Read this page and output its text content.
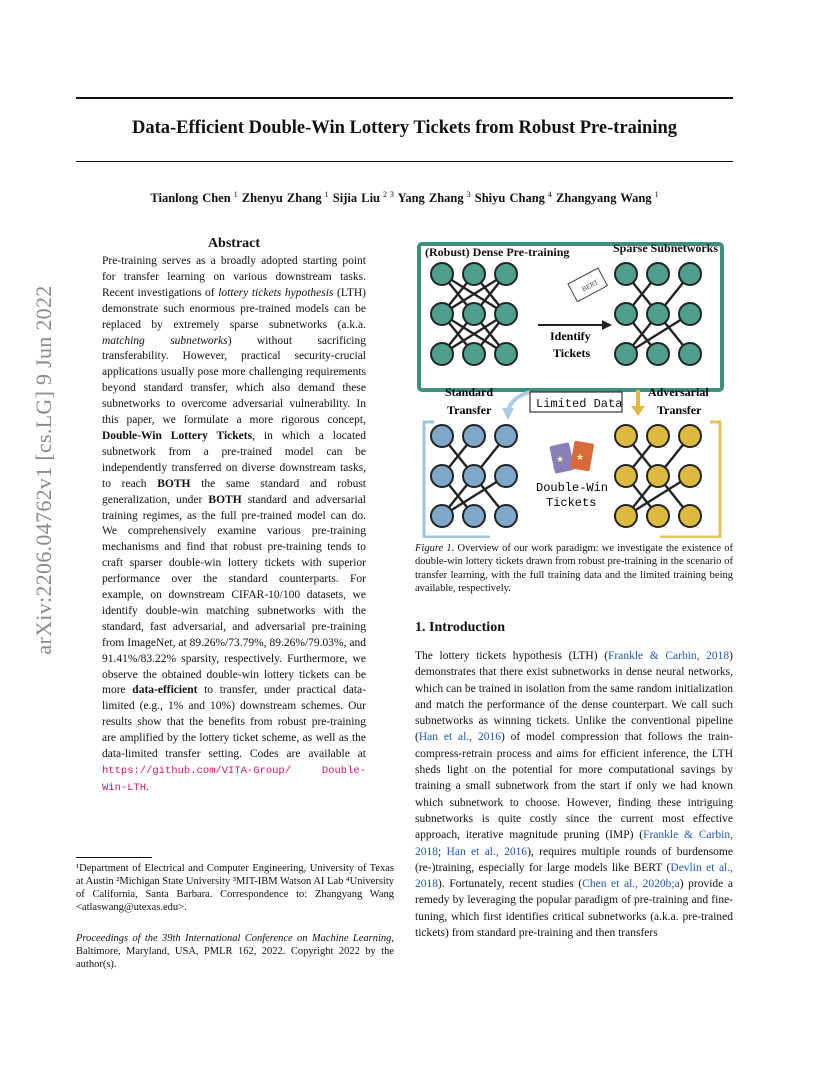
Data-Efficient Double-Win Lottery Tickets from Robust Pre-training
Tianlong Chen $^1$ Zhenyu Zhang $^1$ Sijia Liu $^{2 3}$ Yang Zhang $^3$ Shiyu Chang $^4$ Zhangyang Wang $^1$
arXiv:2206.04762v1 [cs.LG] 9 Jun 2022
Abstract
Pre-training serves as a broadly adopted starting point for transfer learning on various downstream tasks. Recent investigations of lottery tickets hypothesis (LTH) demonstrate such enormous pre-trained models can be replaced by extremely sparse subnetworks (a.k.a. matching subnetworks) without sacrificing transferability. However, practical security-crucial applications usually pose more challenging requirements beyond standard transfer, which also demand these subnetworks to overcome adversarial vulnerability. In this paper, we formulate a more rigorous concept, Double-Win Lottery Tickets, in which a located subnetwork from a pre-trained model can be independently transferred on diverse downstream tasks, to reach BOTH the same standard and robust generalization, under BOTH standard and adversarial training regimes, as the full pre-trained model can do. We comprehensively examine various pre-training mechanisms and find that robust pre-training tends to craft sparser double-win lottery tickets with superior performance over the standard counterparts. For example, on downstream CIFAR-10/100 datasets, we identify double-win matching subnetworks with the standard, fast adversarial, and adversarial pre-training from ImageNet, at 89.26%/73.79%, 89.26%/79.03%, and 91.41%/83.22% sparsity, respectively. Furthermore, we observe the obtained double-win lottery tickets can be more data-efficient to transfer, under practical data-limited (e.g., 1% and 10%) downstream schemes. Our results show that the benefits from robust pre-training are amplified by the lottery ticket scheme, as well as the data-limited transfer setting. Codes are available at https://github.com/VITA-Group/	Double-Win-LTH.
¹Department of Electrical and Computer Engineering, University of Texas at Austin ²Michigan State University ³MIT-IBM Watson AI Lab ⁴University of California, Santa Barbara. Correspondence to: Zhangyang Wang <atlaswang@utexas.edu>.
Proceedings of the 39th International Conference on Machine Learning, Baltimore, Maryland, USA, PMLR 162, 2022. Copyright 2022 by the author(s).
(Robust) Dense Pre-training	Sparse Subnetworks
BERT
Identify
Tickets
Standard
Transfer
Adversarial
Transfer
Limited Data
★ ★
Double-Win
Tickets
Figure 1. Overview of our work paradigm: we investigate the existence of double-win lottery tickets drawn from robust pre-training in the scenario of transfer learning, with the full training data and the limited training being available, respectively.
1. Introduction
The lottery tickets hypothesis (LTH) (Frankle & Carbin, 2018) demonstrates that there exist subnetworks in dense neural networks, which can be trained in isolation from the same random initialization and match the performance of the dense counterpart. We call such subnetworks as winning tickets. Unlike the conventional pipeline (Han et al., 2016) of model compression that follows the train-compress-retrain process and aims for efficient inference, the LTH sheds light on the potential for more computational savings by training a small subnetwork from the start if only we had known which subnetwork to choose. However, finding these intriguing subnetworks is quite costly since the current most effective approach, iterative magnitude pruning (IMP) (Frankle & Carbin, 2018; Han et al., 2016), requires multiple rounds of burdensome (re-)training, especially for large models like BERT (Devlin et al., 2018). Fortunately, recent studies (Chen et al., 2020b;a) provide a remedy by leveraging the popular paradigm of pre-training and fine-tuning, which first identifies critical subnetworks (a.k.a. pre-trained tickets) from standard pre-training and then transfers
